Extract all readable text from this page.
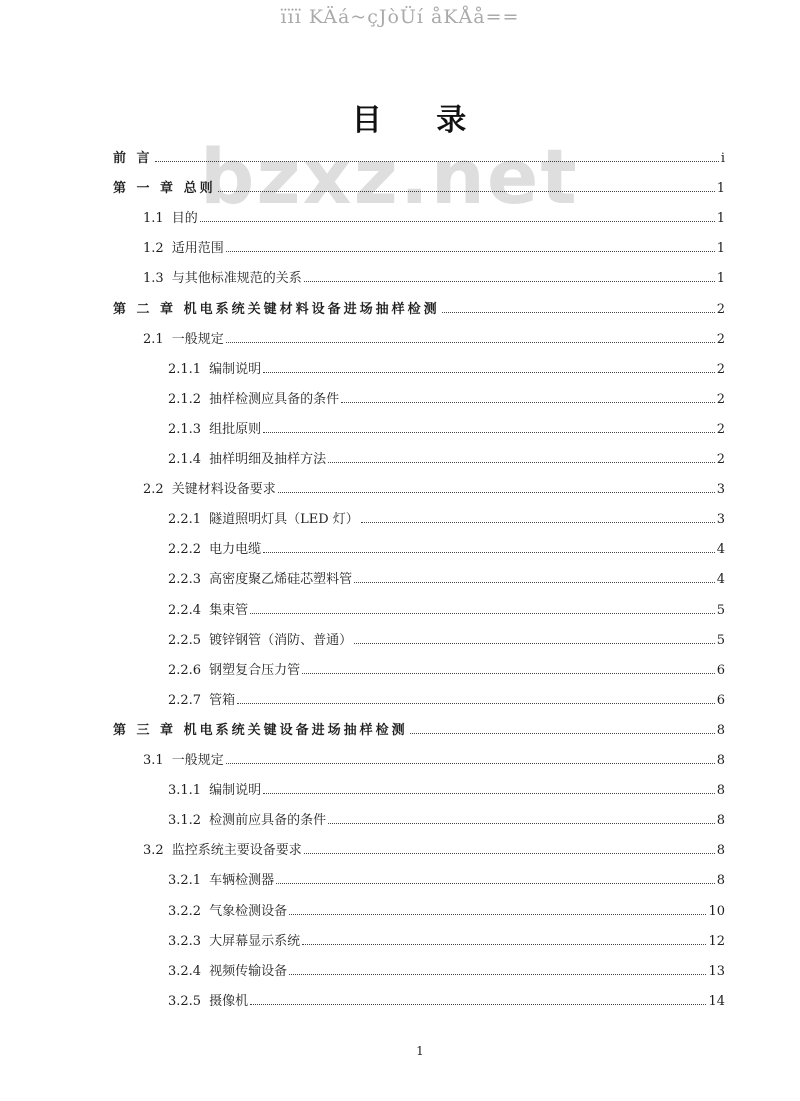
ïïï KÄá~çJòÜí åKÅå==
目 录
前 言	i
第 一 章 总则	1
1.1 目的	1
1.2 适用范围	1
1.3 与其他标准规范的关系	1
第 二 章 机电系统关键材料设备进场抽样检测	2
2.1 一般规定	2
2.1.1 编制说明	2
2.1.2 抽样检测应具备的条件	2
2.1.3 组批原则	2
2.1.4 抽样明细及抽样方法	2
2.2 关键材料设备要求	3
2.2.1 隧道照明灯具（LED 灯）	3
2.2.2 电力电缆	4
2.2.3 高密度聚乙烯硅芯塑料管	4
2.2.4 集束管	5
2.2.5 镀锌钢管（消防、普通）	5
2.2.6 钢塑复合压力管	6
2.2.7 管箱	6
第 三 章 机电系统关键设备进场抽样检测	8
3.1 一般规定	8
3.1.1 编制说明	8
3.1.2 检测前应具备的条件	8
3.2 监控系统主要设备要求	8
3.2.1 车辆检测器	8
3.2.2 气象检测设备	10
3.2.3 大屏幕显示系统	12
3.2.4 视频传输设备	13
3.2.5 摄像机	14
bzxz.net
1
